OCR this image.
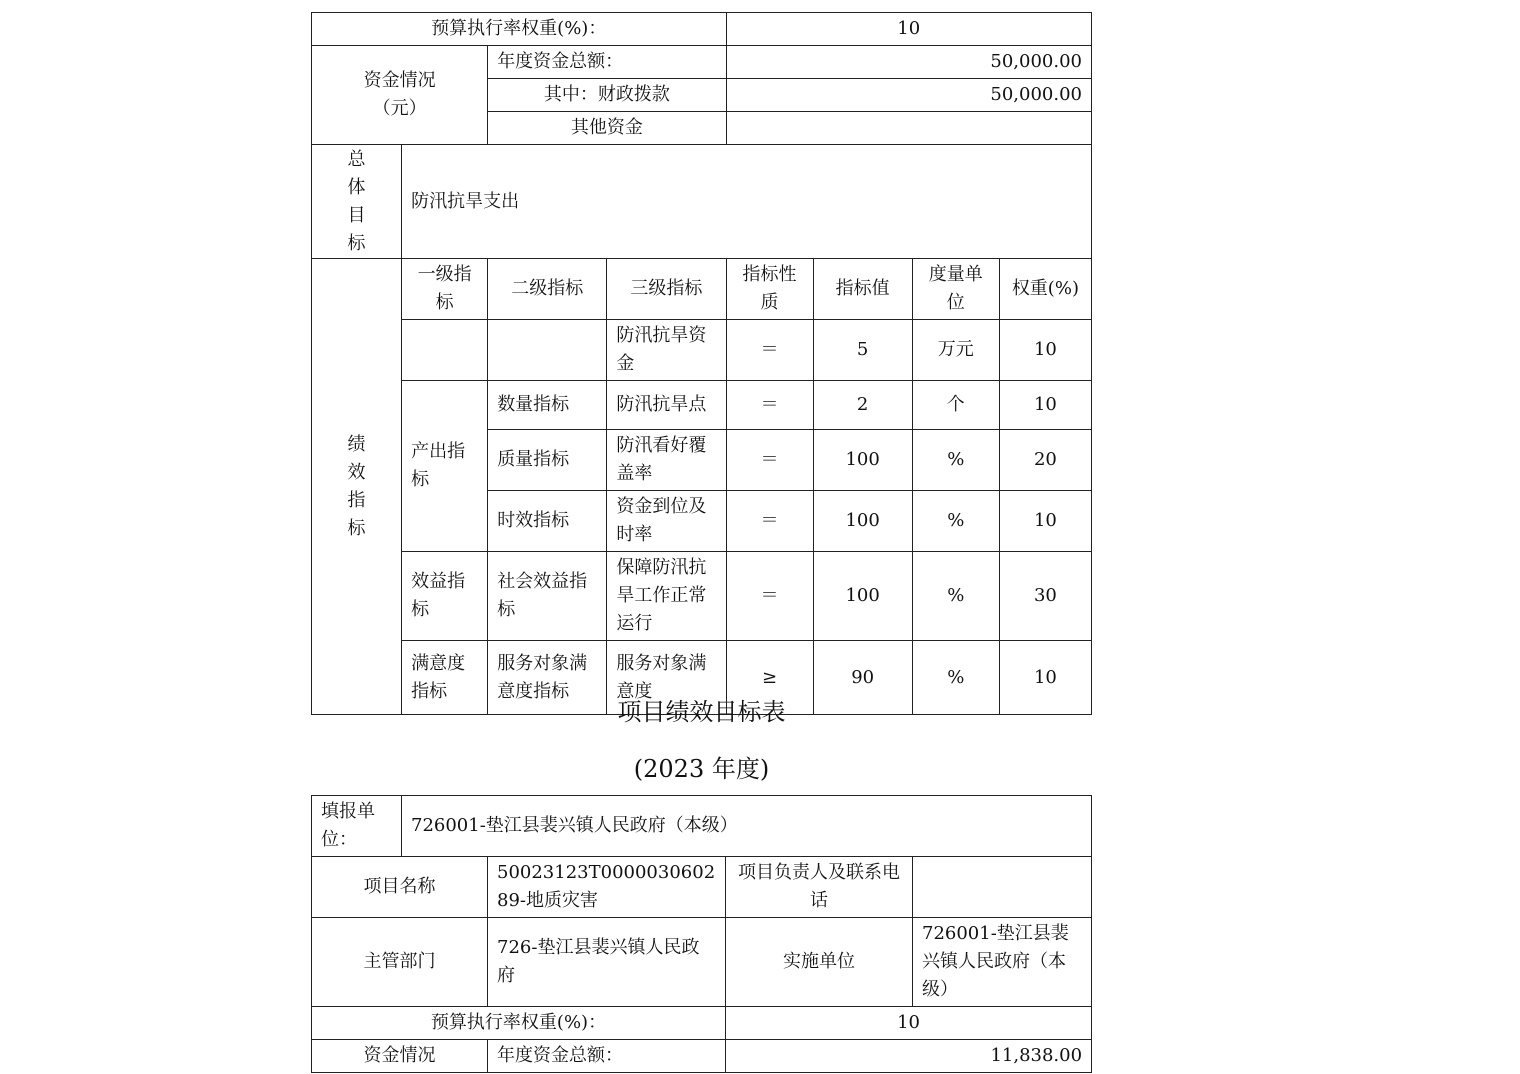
预算执行率权重(%)：				10			

资金情况
（元）		年度资金总额：		50,000.00			
		其中：财政拨款		50,000.00			
		其他资金					
总体目标	防汛抗旱支出						
绩效指标	一级指标	二级指标	三级指标	指标性质	指标值	度量单位	权重(%)
			防汛抗旱资金	＝	5	万元	10
	产出指标	数量指标	防汛抗旱点	＝	2	个	10
		质量指标	防汛看好覆盖率	＝	100	%	20
		时效指标	资金到位及时率	＝	100	%	10
	效益指标	社会效益指标	保障防汛抗旱工作正常运行	＝	100	%	30
	满意度指标	服务对象满意度指标	服务对象满意度	≥	90	%	10
项目绩效目标表
(2023 年度)
填报单位：	726001-垫江县裴兴镇人民政府（本级）			
项目名称		50023123T000003060289-地质灾害	项目负责人及联系电话	
主管部门		726-垫江县裴兴镇人民政府	实施单位	726001-垫江县裴兴镇人民政府（本级）
预算执行率权重(%)：			10	
资金情况		年度资金总额：	11,838.00	
